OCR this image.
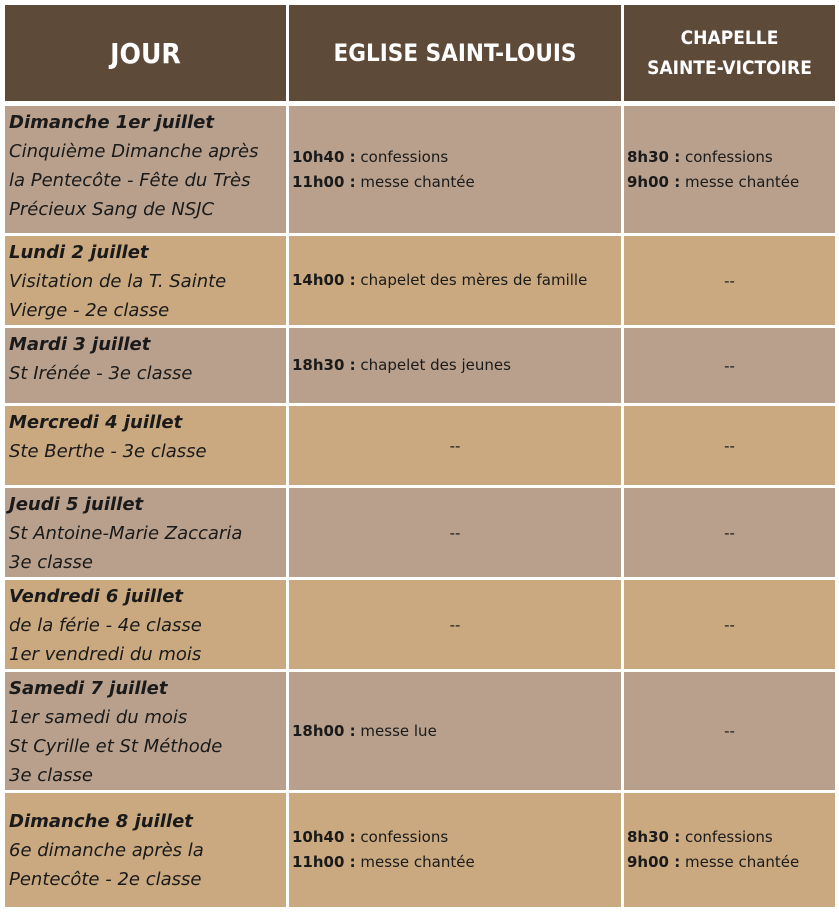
JOUR	EGLISE SAINT-LOUIS	CHAPELLE
SAINTE-VICTOIRE

Dimanche 1er juillet
Cinquième Dimanche après
la Pentecôte - Fête du Très
Précieux Sang de NSJC	10h40 : confessions
11h00 : messe chantée	8h30 : confessions
9h00 : messe chantée

Lundi 2 juillet
Visitation de la T. Sainte
Vierge - 2e classe	14h00 : chapelet des mères de famille	--

Mardi 3 juillet
St Irénée - 3e classe	18h30 : chapelet des jeunes	--

Mercredi 4 juillet
Ste Berthe - 3e classe	--	--

Jeudi 5 juillet
St Antoine-Marie Zaccaria
3e classe	--	--

Vendredi 6 juillet
de la férie - 4e classe
1er vendredi du mois	--	--

Samedi 7 juillet
1er samedi du mois
St Cyrille et St Méthode
3e classe	18h00 : messe lue	--

Dimanche 8 juillet
6e dimanche après la
Pentecôte - 2e classe	10h40 : confessions
11h00 : messe chantée	8h30 : confessions
9h00 : messe chantée
